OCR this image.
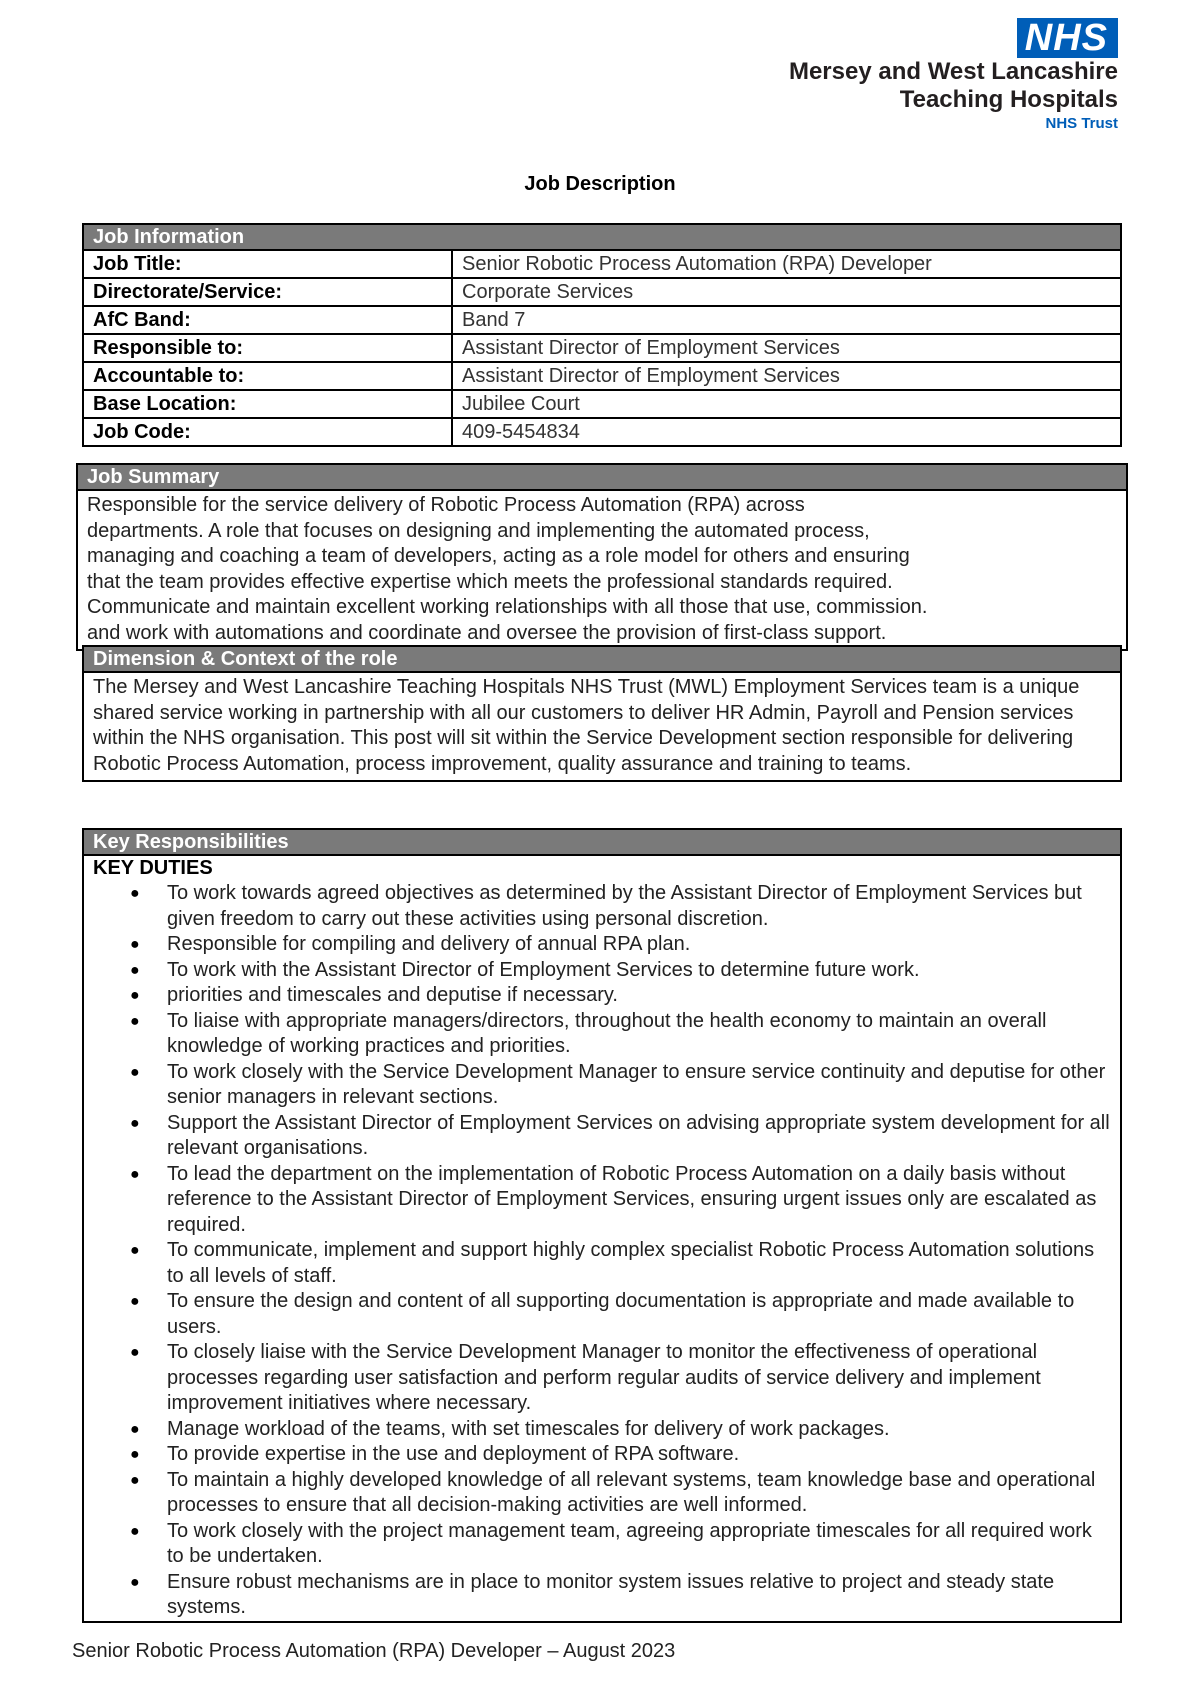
NHS
Mersey and West Lancashire
Teaching Hospitals
NHS Trust
Job Description
Job Information
Job Title:	Senior Robotic Process Automation (RPA) Developer
Directorate/Service:	Corporate Services
AfC Band:	Band 7
Responsible to:	Assistant Director of Employment Services
Accountable to:	Assistant Director of Employment Services
Base Location:	Jubilee Court
Job Code:	409-5454834
Job Summary
Responsible for the service delivery of Robotic Process Automation (RPA) across
departments. A role that focuses on designing and implementing the automated process,
managing and coaching a team of developers, acting as a role model for others and ensuring
that the team provides effective expertise which meets the professional standards required.
Communicate and maintain excellent working relationships with all those that use, commission.
and work with automations and coordinate and oversee the provision of first-class support.
Dimension & Context of the role
The Mersey and West Lancashire Teaching Hospitals NHS Trust (MWL) Employment Services team is a unique shared service working in partnership with all our customers to deliver HR Admin, Payroll and Pension services within the NHS organisation. This post will sit within the Service Development section responsible for delivering Robotic Process Automation, process improvement, quality assurance and training to teams.
Key Responsibilities
KEY DUTIES
● To work towards agreed objectives as determined by the Assistant Director of Employment Services but given freedom to carry out these activities using personal discretion.
● Responsible for compiling and delivery of annual RPA plan.
● To work with the Assistant Director of Employment Services to determine future work.
● priorities and timescales and deputise if necessary.
● To liaise with appropriate managers/directors, throughout the health economy to maintain an overall knowledge of working practices and priorities.
● To work closely with the Service Development Manager to ensure service continuity and deputise for other senior managers in relevant sections.
● Support the Assistant Director of Employment Services on advising appropriate system development for all relevant organisations.
● To lead the department on the implementation of Robotic Process Automation on a daily basis without reference to the Assistant Director of Employment Services, ensuring urgent issues only are escalated as required.
● To communicate, implement and support highly complex specialist Robotic Process Automation solutions to all levels of staff.
● To ensure the design and content of all supporting documentation is appropriate and made available to users.
● To closely liaise with the Service Development Manager to monitor the effectiveness of operational processes regarding user satisfaction and perform regular audits of service delivery and implement improvement initiatives where necessary.
● Manage workload of the teams, with set timescales for delivery of work packages.
● To provide expertise in the use and deployment of RPA software.
● To maintain a highly developed knowledge of all relevant systems, team knowledge base and operational processes to ensure that all decision-making activities are well informed.
● To work closely with the project management team, agreeing appropriate timescales for all required work to be undertaken.
● Ensure robust mechanisms are in place to monitor system issues relative to project and steady state systems.
Senior Robotic Process Automation (RPA) Developer – August 2023
